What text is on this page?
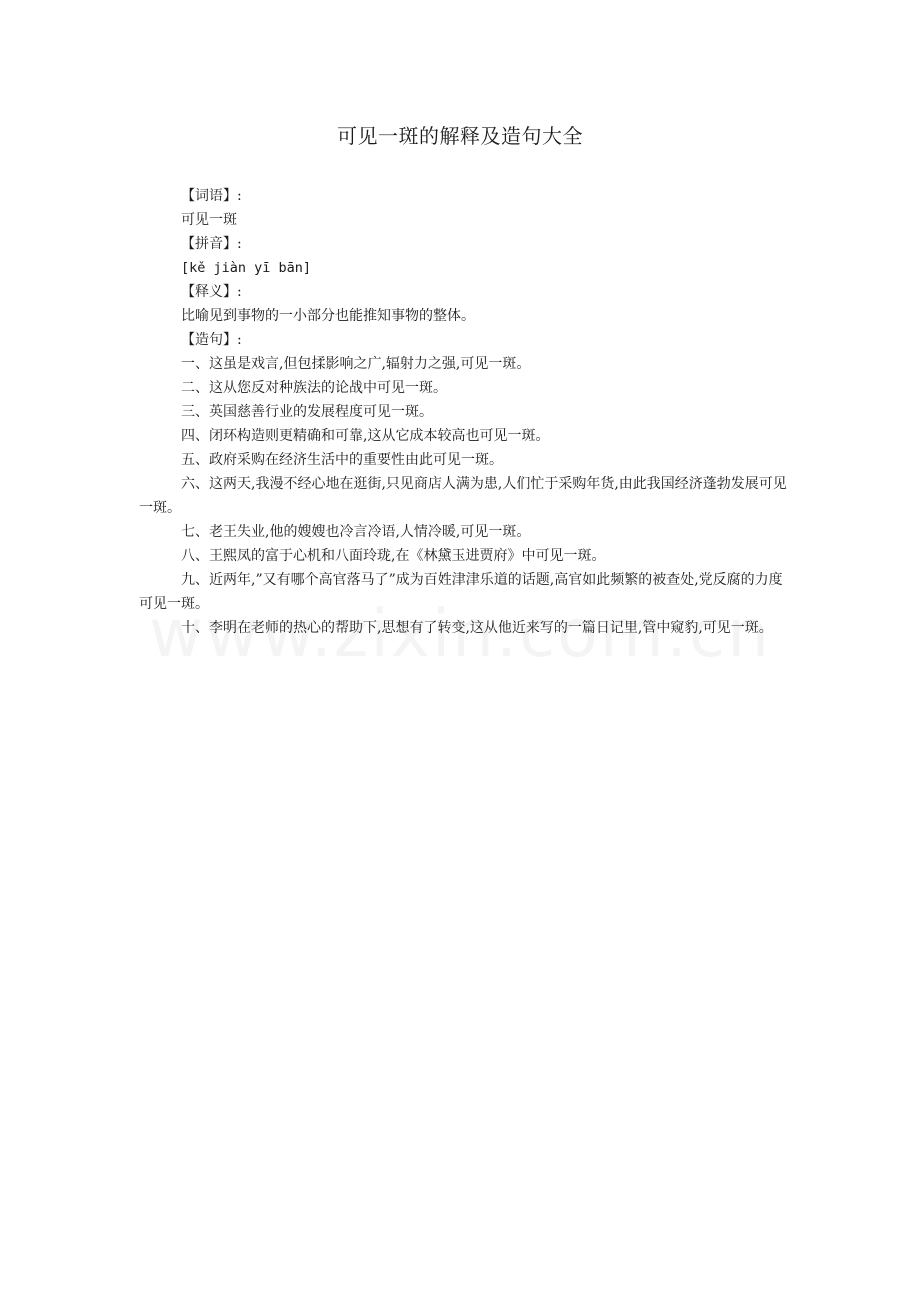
可见一斑的解释及造句大全

【词语】:

可见一斑

【拼音】:

[kě jiàn yī bān]

【释义】:

比喻见到事物的一小部分也能推知事物的整体。

【造句】:

一、这虽是戏言,但包揉影响之广,辐射力之强,可见一斑。

二、这从您反对种族法的论战中可见一斑。

三、英国慈善行业的发展程度可见一斑。

四、闭环构造则更精确和可靠,这从它成本较高也可见一斑。

五、政府采购在经济生活中的重要性由此可见一斑。

六、这两天,我漫不经心地在逛街,只见商店人满为患,人们忙于采购年货,由此我国经济蓬勃发展可见一斑。

七、老王失业,他的嫂嫂也冷言冷语,人情冷暖,可见一斑。

八、王熙凤的富于心机和八面玲珑,在《林黛玉进贾府》中可见一斑。

九、近两年,”又有哪个高官落马了”成为百姓津津乐道的话题,高官如此频繁的被查处,党反腐的力度可见一斑。

十、李明在老师的热心的帮助下,思想有了转变,这从他近来写的一篇日记里,管中窥豹,可见一斑。
